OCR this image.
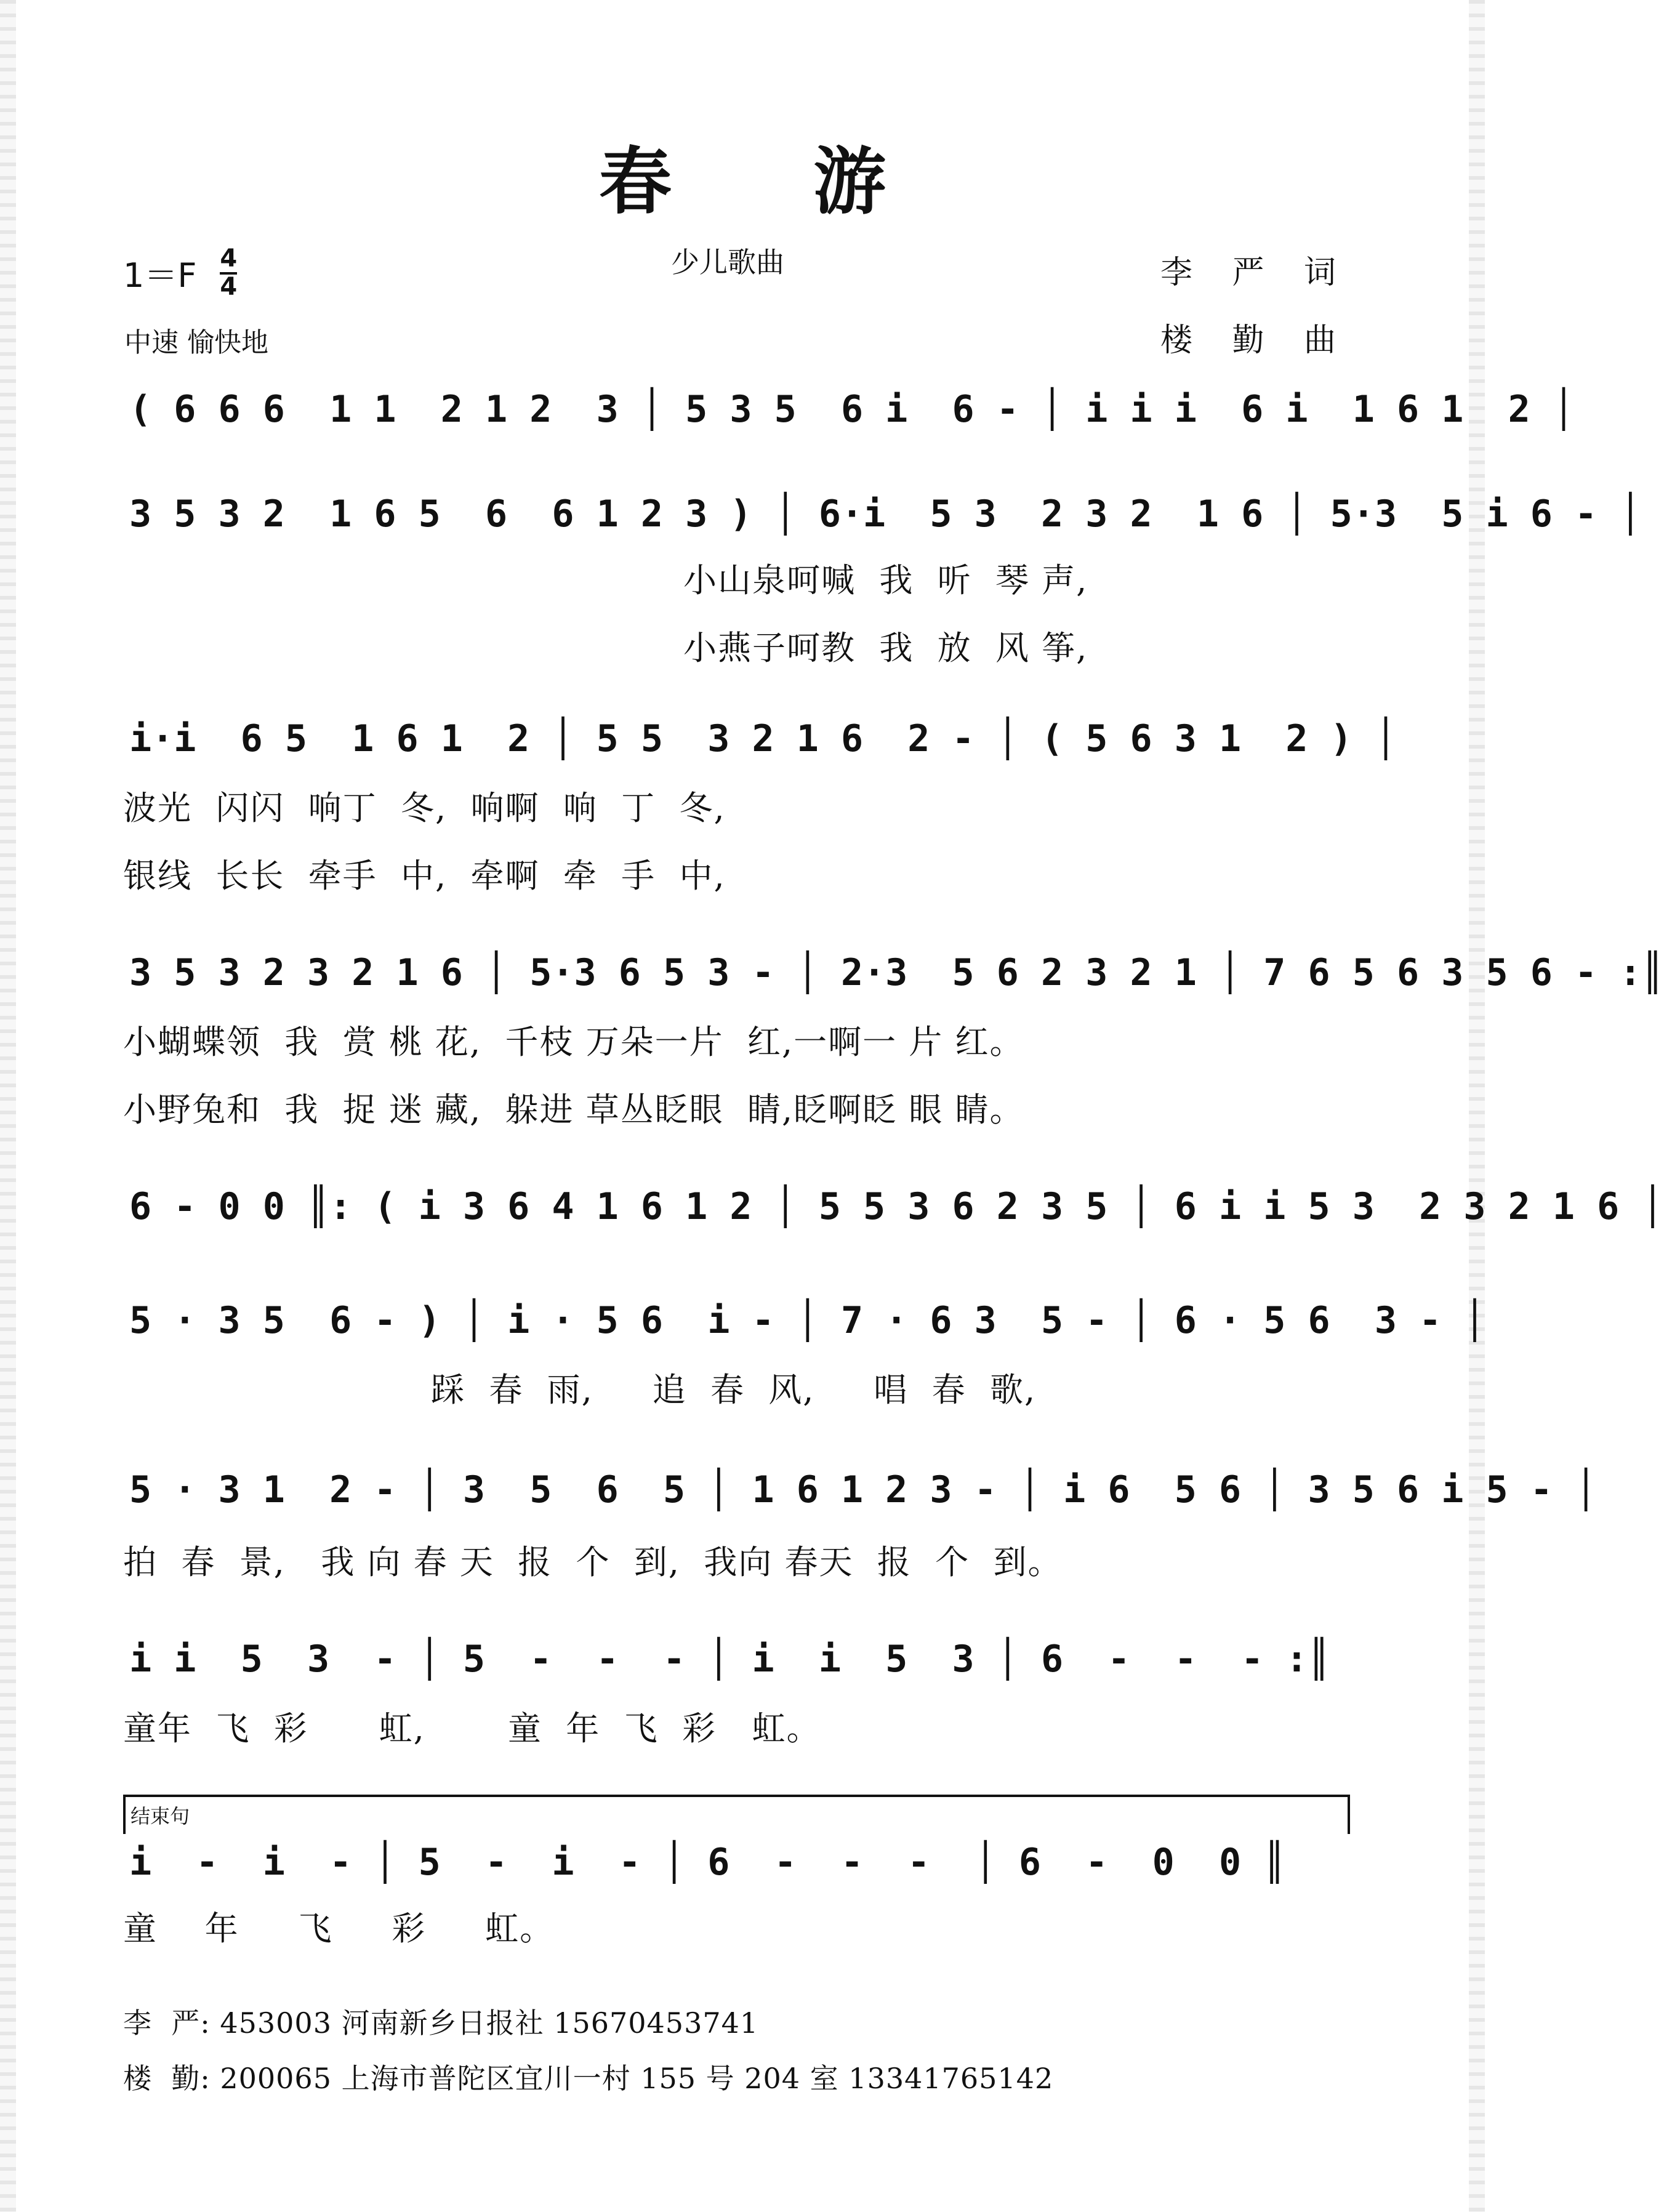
春游
$1=F \frac{4}{4}$	少儿歌曲	李 严 词
中速 愉快地	楼 勤 曲
( 6 6 6  1 1  2 1 2  3 │ 5 3 5  6 i  6 - │ i i i  6 i  1 6 1  2 │
3 5 3 2  1 6 5  6  6 1 2 3 ) │ 6·i  5 3  2 3 2  1 6 │ 5·3  5 i 6 - │
小山泉呵喊  我  听  琴 声,
小燕子呵教  我  放  风 筝,
i·i  6 5  1 6 1  2 │ 5 5  3 2 1 6  2 - │ ( 5 6 3 1  2 ) │
波光  闪闪  响丁  冬,  响啊  响  丁  冬,
银线  长长  牵手  中,  牵啊  牵  手  中,
3 5 3 2 3 2 1 6 │ 5·3 6 5 3 - │ 2·3  5 6 2 3 2 1 │ 7 6 5 6 3 5 6 - :║
小蝴蝶领  我  赏 桃 花,  千枝 万朵一片  红,一啊一 片 红。
小野兔和  我  捉 迷 藏,  躲进 草丛眨眼  睛,眨啊眨 眼 睛。
6 - 0 0 ║: ( i 3 6 4 1 6 1 2 │ 5 5 3 6 2 3 5 │ 6 i i 5 3  2 3 2 1 6 │
5 · 3 5  6 - ) │ i · 5 6  i - │ 7 · 6 3  5 - │ 6 · 5 6  3 - │
踩  春  雨,     追  春  风,     唱  春  歌,
5 · 3 1  2 - │ 3  5  6  5 │ 1 6 1 2 3 - │ i 6  5 6 │ 3 5 6 i 5 - │
拍  春  景,   我 向 春 天  报  个  到,  我向 春天  报  个  到。
i i  5  3  - │ 5  -  -  - │ i  i  5  3 │ 6  -  -  - :║
童年  飞  彩      虹,       童  年  飞  彩   虹。
结束句
i  -  i  - │ 5  -  i  - │ 6  -  -  -  │ 6  -  0  0 ║
童    年     飞     彩     虹。
李  严: 453003 河南新乡日报社 15670453741
楼  勤: 200065 上海市普陀区宜川一村 155 号 204 室 13341765142
